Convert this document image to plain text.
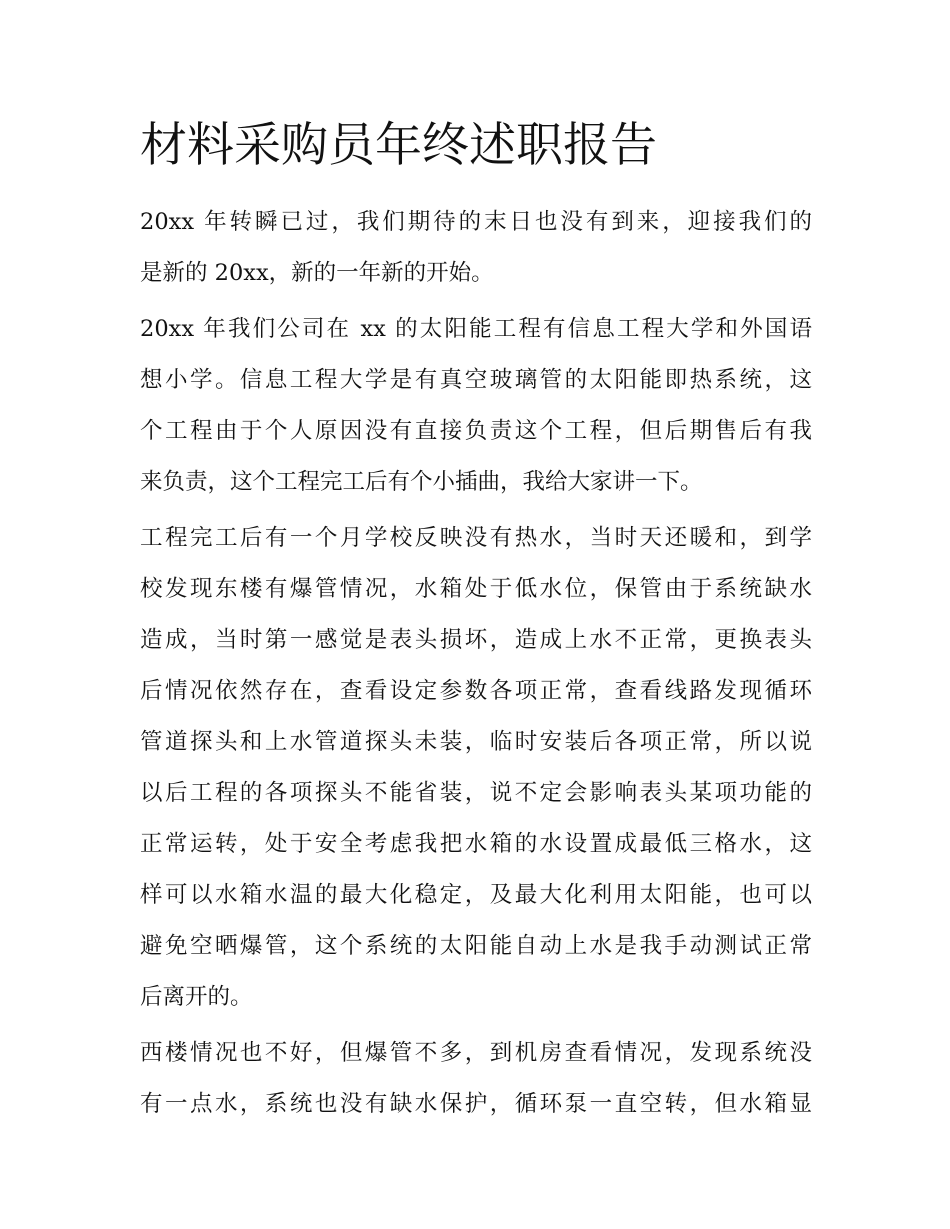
材料采购员年终述职报告

20xx 年转瞬已过，我们期待的末日也没有到来，迎接我们的
是新的 20xx，新的一年新的开始。

20xx 年我们公司在 xx 的太阳能工程有信息工程大学和外国语
想小学。信息工程大学是有真空玻璃管的太阳能即热系统，这
个工程由于个人原因没有直接负责这个工程，但后期售后有我
来负责，这个工程完工后有个小插曲，我给大家讲一下。

工程完工后有一个月学校反映没有热水，当时天还暖和，到学
校发现东楼有爆管情况，水箱处于低水位，保管由于系统缺水
造成，当时第一感觉是表头损坏，造成上水不正常，更换表头
后情况依然存在，查看设定参数各项正常，查看线路发现循环
管道探头和上水管道探头未装，临时安装后各项正常，所以说
以后工程的各项探头不能省装，说不定会影响表头某项功能的
正常运转，处于安全考虑我把水箱的水设置成最低三格水，这
样可以水箱水温的最大化稳定，及最大化利用太阳能，也可以
避免空晒爆管，这个系统的太阳能自动上水是我手动测试正常
后离开的。

西楼情况也不好，但爆管不多，到机房查看情况，发现系统没
有一点水，系统也没有缺水保护，循环泵一直空转，但水箱显
